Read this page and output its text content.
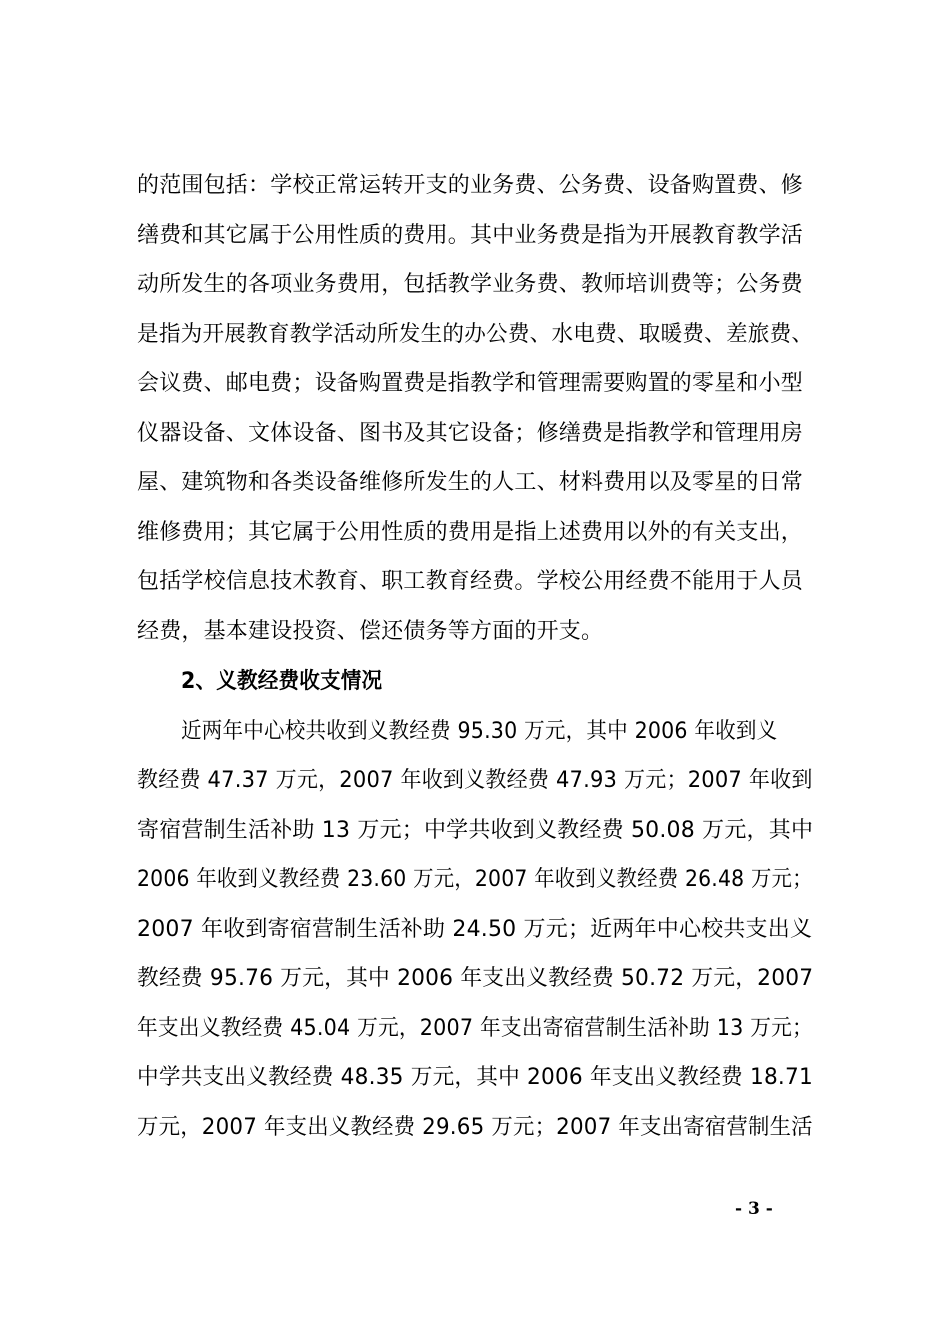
的范围包括：学校正常运转开支的业务费、公务费、设备购置费、修
缮费和其它属于公用性质的费用。其中业务费是指为开展教育教学活
动所发生的各项业务费用，包括教学业务费、教师培训费等；公务费
是指为开展教育教学活动所发生的办公费、水电费、取暖费、差旅费、
会议费、邮电费；设备购置费是指教学和管理需要购置的零星和小型
仪器设备、文体设备、图书及其它设备；修缮费是指教学和管理用房
屋、建筑物和各类设备维修所发生的人工、材料费用以及零星的日常
维修费用；其它属于公用性质的费用是指上述费用以外的有关支出，
包括学校信息技术教育、职工教育经费。学校公用经费不能用于人员
经费，基本建设投资、偿还债务等方面的开支。
2、义教经费收支情况
近两年中心校共收到义教经费 95.30 万元，其中 2006 年收到义
教经费 47.37 万元，2007 年收到义教经费 47.93 万元；2007 年收到
寄宿营制生活补助 13 万元；中学共收到义教经费 50.08 万元，其中
2006 年收到义教经费 23.60 万元，2007 年收到义教经费 26.48 万元；
2007 年收到寄宿营制生活补助 24.50 万元；近两年中心校共支出义
教经费 95.76 万元，其中 2006 年支出义教经费 50.72 万元，2007
年支出义教经费 45.04 万元，2007 年支出寄宿营制生活补助 13 万元；
中学共支出义教经费 48.35 万元，其中 2006 年支出义教经费 18.71
万元，2007 年支出义教经费 29.65 万元；2007 年支出寄宿营制生活
- 3 -
